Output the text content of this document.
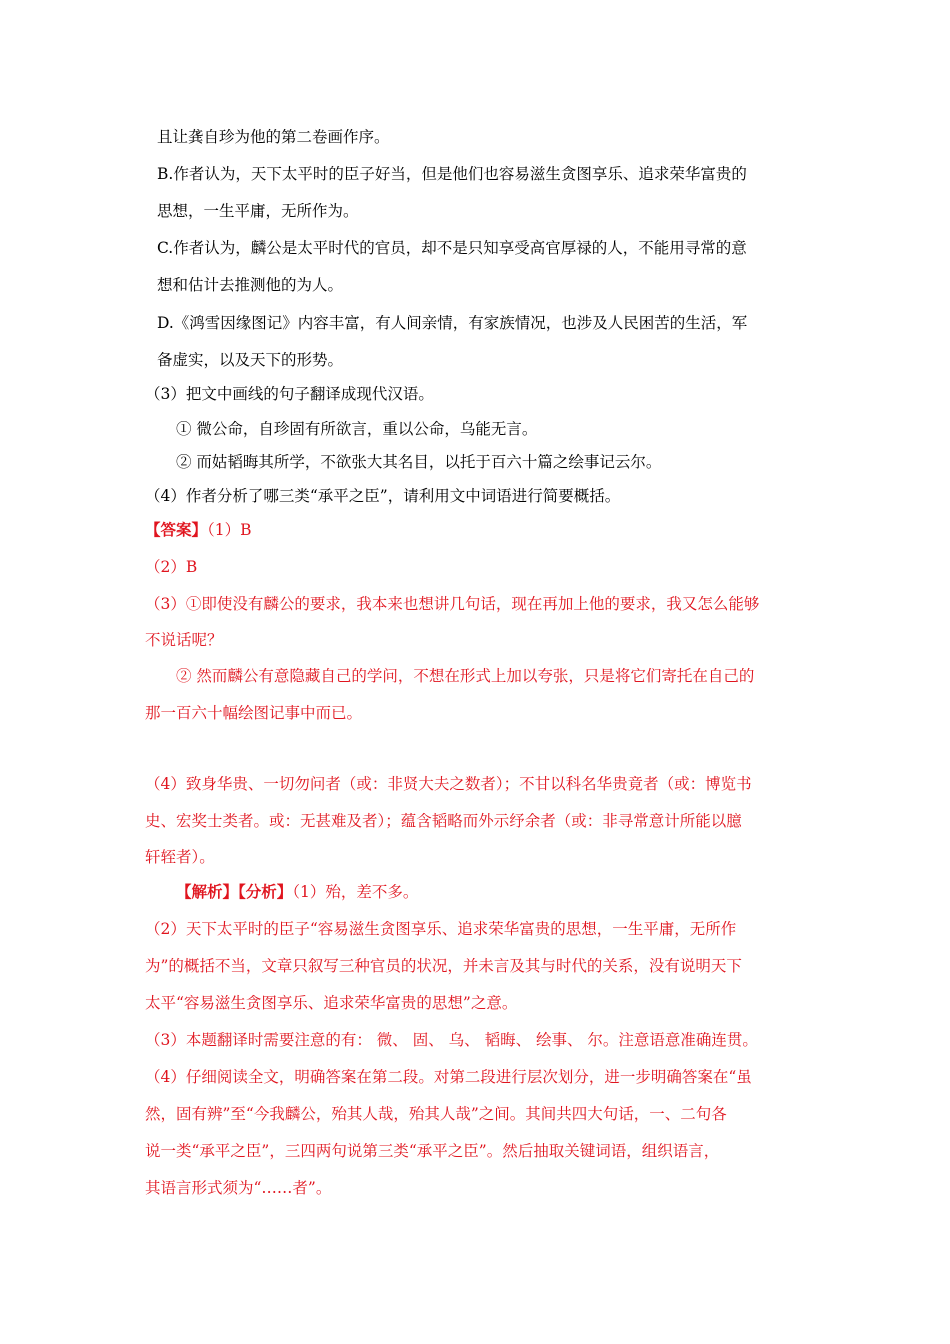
且让龚自珍为他的第二卷画作序。
B.作者认为，天下太平时的臣子好当，但是他们也容易滋生贪图享乐、追求荣华富贵的
思想，一生平庸，无所作为。
C.作者认为，麟公是太平时代的官员，却不是只知享受高官厚禄的人，不能用寻常的意
想和估计去推测他的为人。
D.《鸿雪因缘图记》内容丰富，有人间亲情，有家族情况，也涉及人民困苦的生活，军
备虚实，以及天下的形势。
（3）把文中画线的句子翻译成现代汉语。
① 微公命，自珍固有所欲言，重以公命，乌能无言。
② 而姑韬晦其所学，不欲张大其名目，以托于百六十篇之绘事记云尔。
（4）作者分析了哪三类“承平之臣”，请利用文中词语进行简要概括。
【答案】（1）B
（2）B
（3）①即使没有麟公的要求，我本来也想讲几句话，现在再加上他的要求，我又怎么能够
不说话呢？
② 然而麟公有意隐藏自己的学问，不想在形式上加以夸张，只是将它们寄托在自己的
那一百六十幅绘图记事中而已。
（4）致身华贵、一切勿问者（或：非贤大夫之数者）；不甘以科名华贵竟者（或：博览书
史、宏奖士类者。或：无甚难及者）；蕴含韬略而外示纾余者（或：非寻常意计所能以臆
轩轾者）。
【解析】【分析】（1）殆，差不多。
（2）天下太平时的臣子“容易滋生贪图享乐、追求荣华富贵的思想，一生平庸，无所作
为”的概括不当，文章只叙写三种官员的状况，并未言及其与时代的关系，没有说明天下
太平“容易滋生贪图享乐、追求荣华富贵的思想”之意。
（3）本题翻译时需要注意的有： 微、 固、 乌、 韬晦、 绘事、 尔。注意语意准确连贯。
（4）仔细阅读全文，明确答案在第二段。对第二段进行层次划分，进一步明确答案在“虽
然，固有辨”至“今我麟公，殆其人哉，殆其人哉”之间。其间共四大句话，一、二句各
说一类“承平之臣”，三四两句说第三类“承平之臣”。然后抽取关键词语，组织语言，
其语言形式须为“……者”。
